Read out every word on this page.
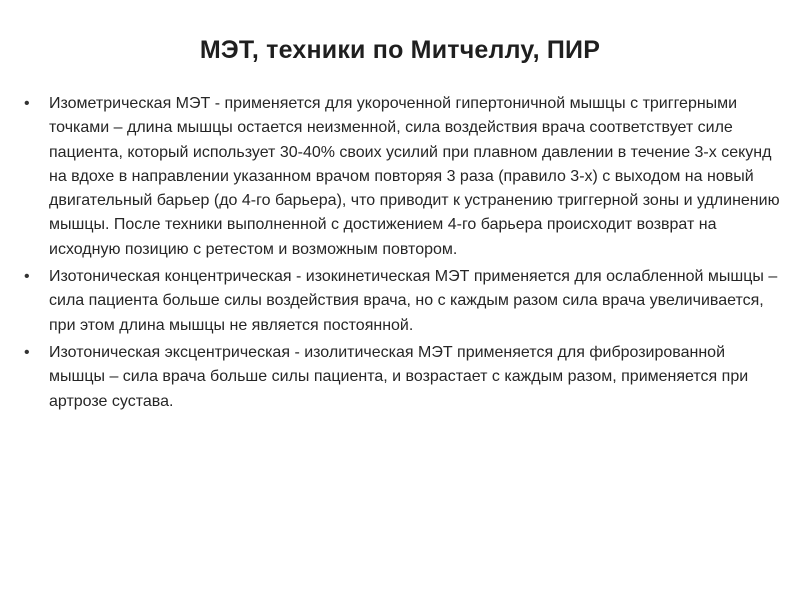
МЭТ, техники по Митчеллу, ПИР
• Изометрическая МЭТ - применяется для укороченной гипертоничной мышцы с триггерными точками – длина мышцы остается неизменной, сила воздействия врача соответствует силе пациента, который использует 30-40% своих усилий при плавном давлении в течение 3-х секунд на вдохе в направлении указанном врачом повторяя 3 раза (правило 3-х) с выходом на новый двигательный барьер (до 4-го барьера), что приводит к устранению триггерной зоны и удлинению мышцы. После техники выполненной с достижением 4-го барьера происходит возврат на исходную позицию с ретестом и возможным повтором.
• Изотоническая концентрическая - изокинетическая МЭТ применяется для ослабленной мышцы – сила пациента больше силы воздействия врача, но с каждым разом сила врача увеличивается, при этом длина мышцы не является постоянной.
• Изотоническая эксцентрическая - изолитическая МЭТ применяется для фиброзированной мышцы – сила врача больше силы пациента, и возрастает с каждым разом, применяется при артрозе сустава.
